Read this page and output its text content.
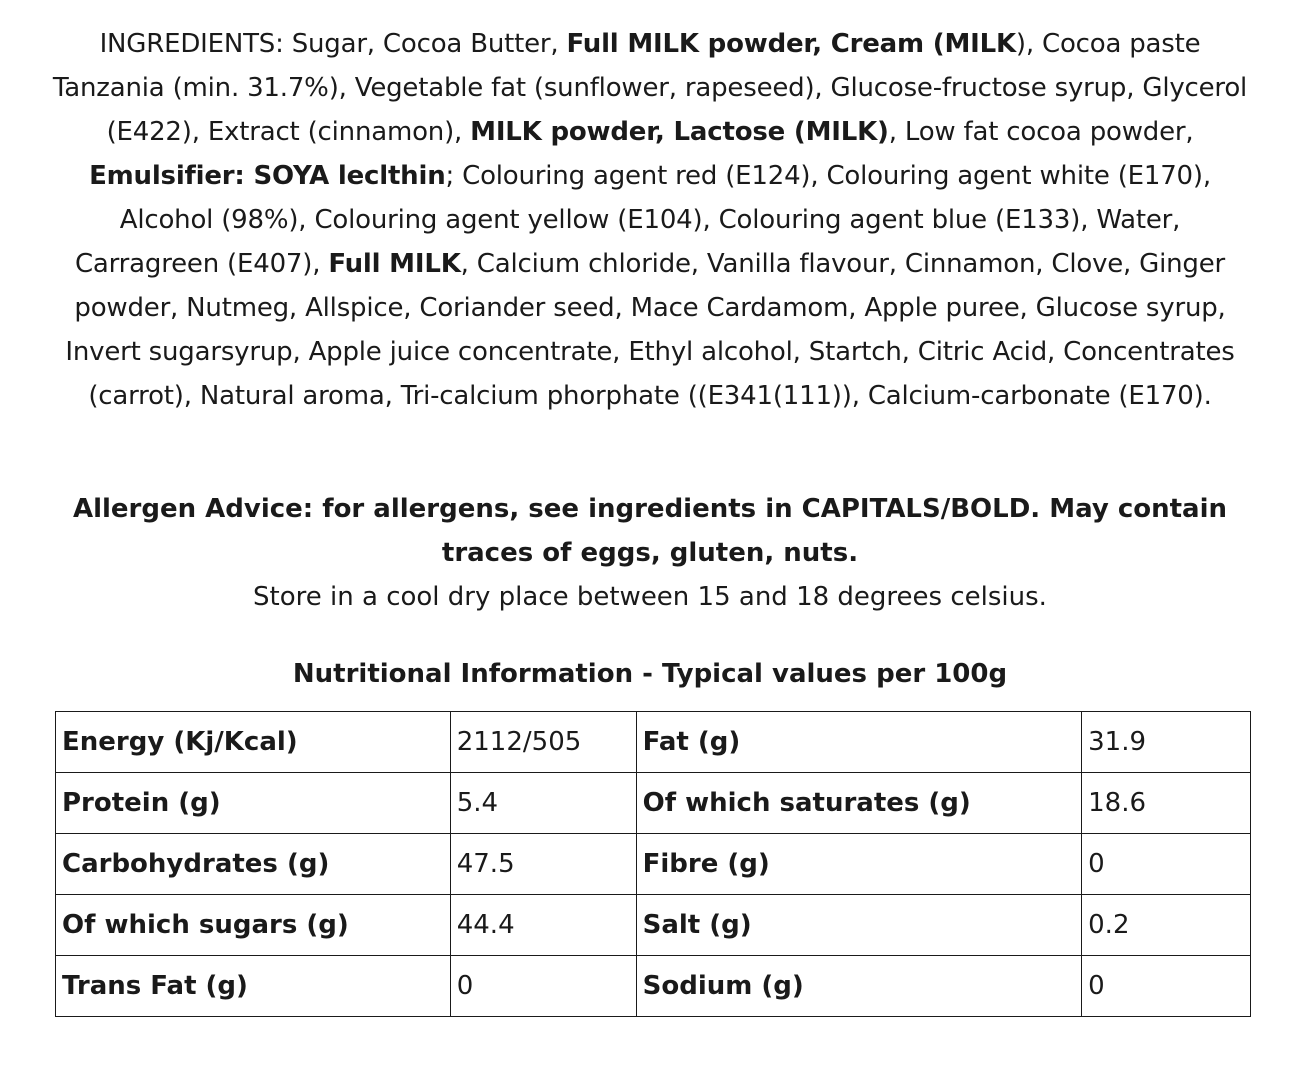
INGREDIENTS: Sugar, Cocoa Butter, Full MILK powder, Cream (MILK), Cocoa paste Tanzania (min. 31.7%), Vegetable fat (sunflower, rapeseed), Glucose-fructose syrup, Glycerol (E422), Extract (cinnamon), MILK powder, Lactose (MILK), Low fat cocoa powder, Emulsifier: SOYA leclthin; Colouring agent red (E124), Colouring agent white (E170), Alcohol (98%), Colouring agent yellow (E104), Colouring agent blue (E133), Water, Carragreen (E407), Full MILK, Calcium chloride, Vanilla flavour, Cinnamon, Clove, Ginger powder, Nutmeg, Allspice, Coriander seed, Mace Cardamom, Apple puree, Glucose syrup, Invert sugarsyrup, Apple juice concentrate, Ethyl alcohol, Startch, Citric Acid, Concentrates (carrot), Natural aroma, Tri-calcium phorphate ((E341(111)), Calcium-carbonate (E170).

Allergen Advice: for allergens, see ingredients in CAPITALS/BOLD. May contain traces of eggs, gluten, nuts.

Store in a cool dry place between 15 and 18 degrees celsius.

Nutritional Information - Typical values per 100g

Energy (Kj/Kcal)	2112/505	Fat (g)	31.9
Protein (g)	5.4	Of which saturates (g)	18.6
Carbohydrates (g)	47.5	Fibre (g)	0
Of which sugars (g)	44.4	Salt (g)	0.2
Trans Fat (g)	0	Sodium (g)	0
